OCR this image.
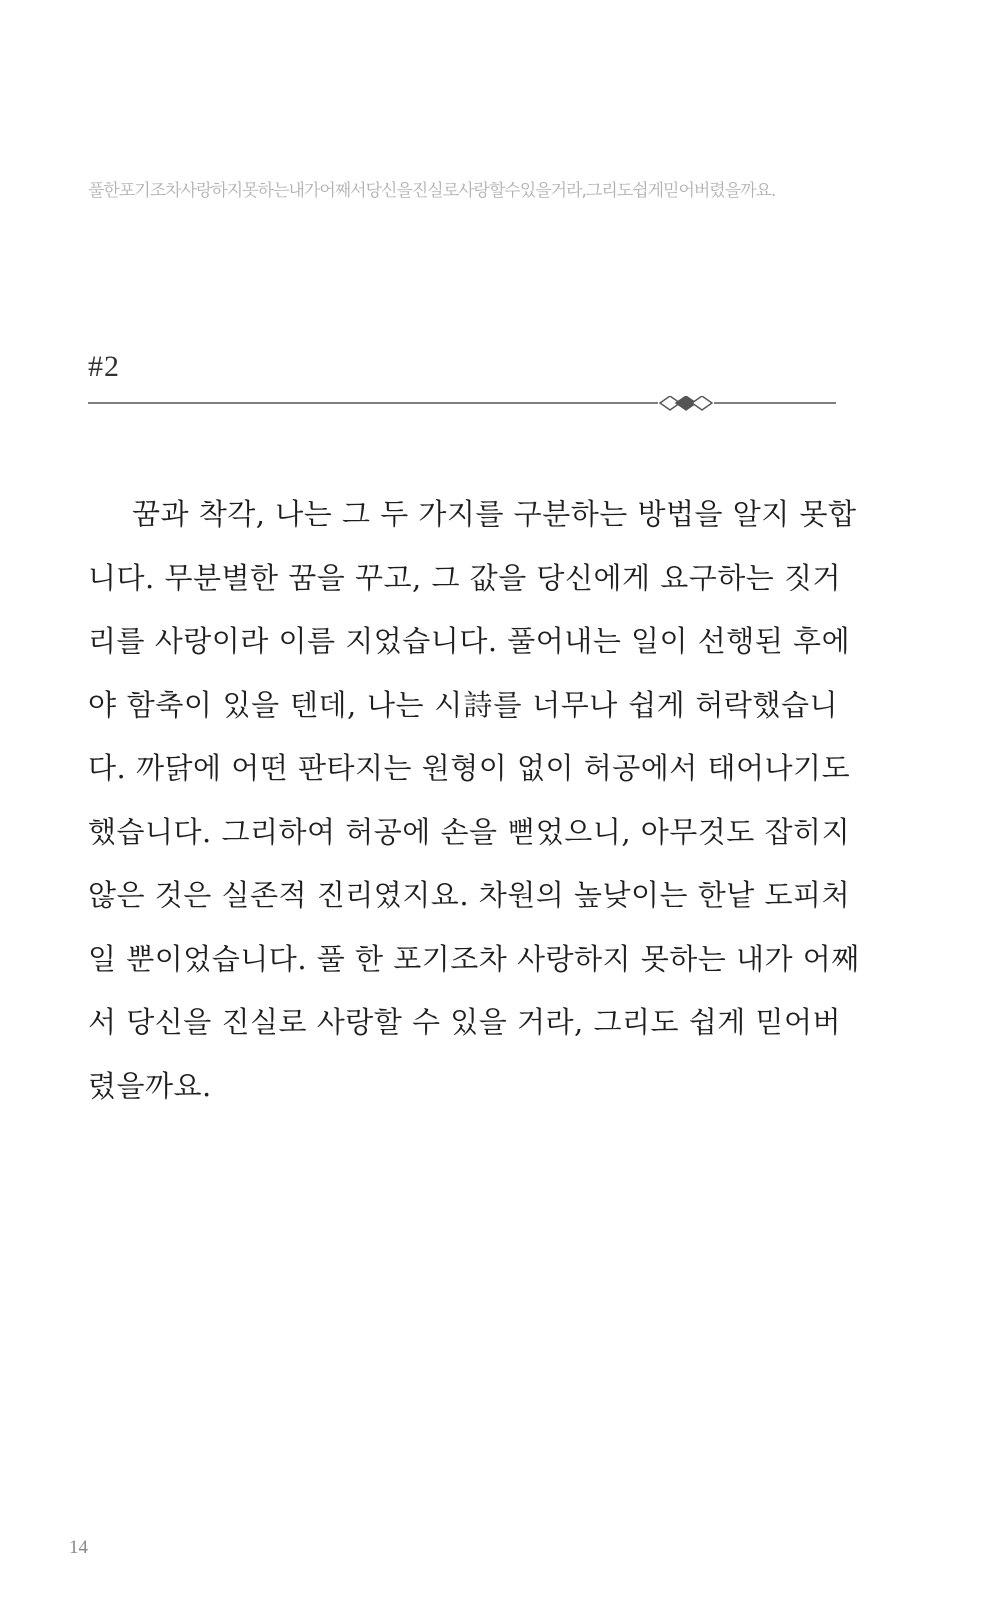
풀한포기조차사랑하지못하는내가어째서당신을진실로사랑할수있을거라,그리도쉽게믿어버렸을까요.
#2
꿈과 착각, 나는 그 두 가지를 구분하는 방법을 알지 못합
니다. 무분별한 꿈을 꾸고, 그 값을 당신에게 요구하는 짓거
리를 사랑이라 이름 지었습니다. 풀어내는 일이 선행된 후에
야 함축이 있을 텐데, 나는 시詩를 너무나 쉽게 허락했습니
다. 까닭에 어떤 판타지는 원형이 없이 허공에서 태어나기도
했습니다. 그리하여 허공에 손을 뻗었으니, 아무것도 잡히지
않은 것은 실존적 진리였지요. 차원의 높낮이는 한낱 도피처
일 뿐이었습니다. 풀 한 포기조차 사랑하지 못하는 내가 어째
서 당신을 진실로 사랑할 수 있을 거라, 그리도 쉽게 믿어버
렸을까요.
14
